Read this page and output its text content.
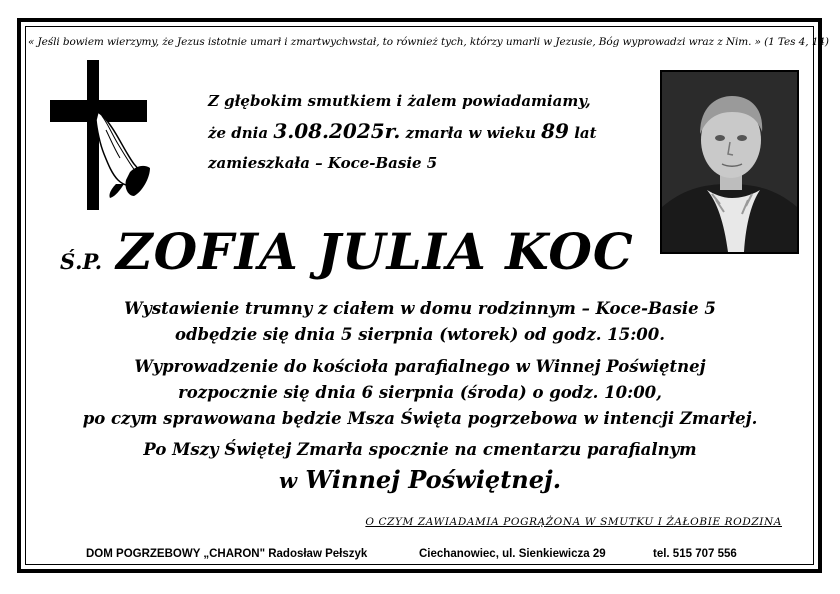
« Jeśli bowiem wierzymy, że Jezus istotnie umarł i zmartwychwstał, to również tych, którzy umarli w Jezusie, Bóg wyprowadzi wraz z Nim. » (1 Tes 4, 14)
Z głębokim smutkiem i żalem powiadamiamy,
że dnia 3.08.2025r. zmarła w wieku 89 lat
zamieszkała – Koce-Basie 5
Ś.P. ZOFIA JULIA KOC
Wystawienie trumny z ciałem w domu rodzinnym – Koce-Basie 5
odbędzie się dnia 5 sierpnia (wtorek) od godz. 15:00.
Wyprowadzenie do kościoła parafialnego w Winnej Poświętnej
rozpocznie się dnia 6 sierpnia (środa) o godz. 10:00,
po czym sprawowana będzie Msza Święta pogrzebowa w intencji Zmarłej.
Po Mszy Świętej Zmarła spocznie na cmentarzu parafialnym
w Winnej Poświętnej.
O CZYM ZAWIADAMIA POGRĄŻONA W SMUTKU I ŻAŁOBIE RODZINA
DOM POGRZEBOWY „CHARON" Radosław Pełszyk	Ciechanowiec, ul. Sienkiewicza 29	tel. 515 707 556
